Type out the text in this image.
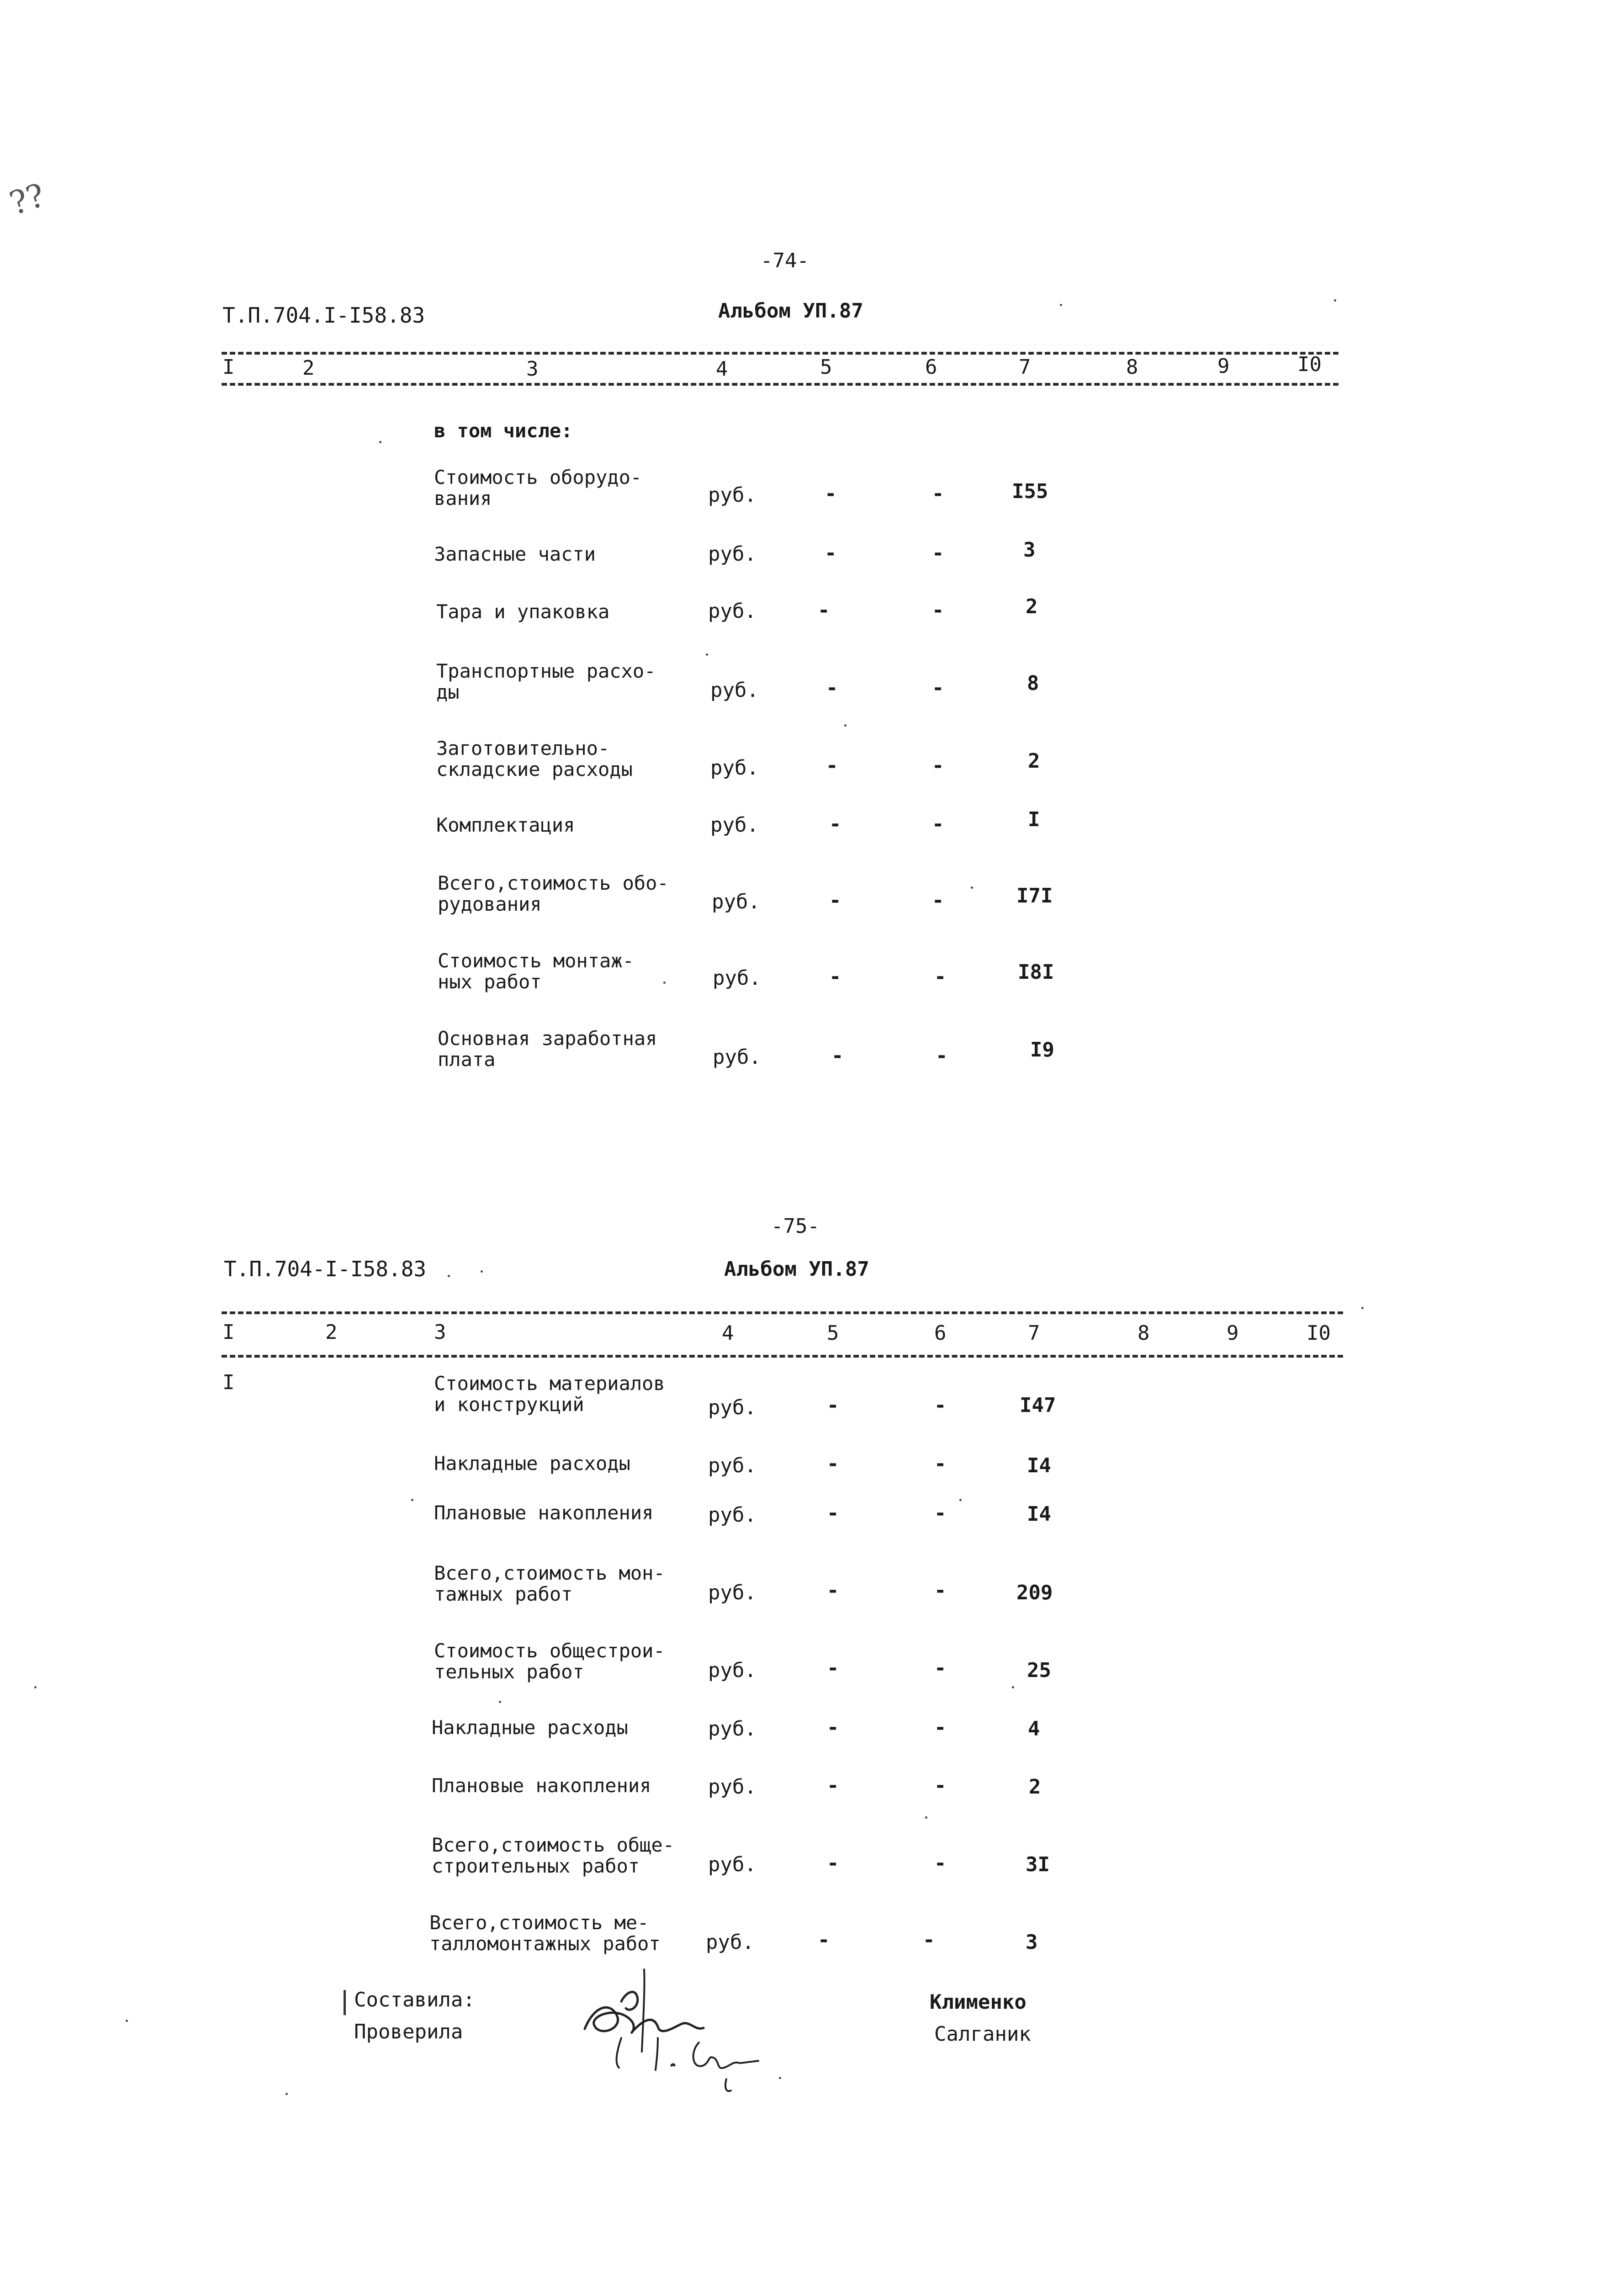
??
-74-
Т.П.704.I-I58.83	Альбом УП.87
I	2	3	4	5	6	7	8	9	I0
в том числе:
Стоимость оборудо-
вания	руб.	-	-	I55
Запасные части	руб.	-	-	3
Тара и упаковка	руб.	-	-	2
Транспортные расхо-
ды	руб.	-	-	8
Заготовительно-
складские расходы	руб.	-	-	2
Комплектация	руб.	-	-	I
Всего,стоимость обо-
рудования	руб.	-	-	I7I
Стоимость монтаж-
ных работ	руб.	-	-	I8I
Основная заработная
плата	руб.	-	-	I9
-75-
Т.П.704-I-I58.83	Альбом УП.87
I	2	3	4	5	6	7	8	9	I0
I	Стоимость материалов
и конструкций	руб.	-	-	I47
Накладные расходы	руб.	-	-	I4
Плановые накопления	руб.	-	-	I4
Всего,стоимость мон-
тажных работ	руб.	-	-	209
Стоимость общестрои-
тельных работ	руб.	-	-	25
Накладные расходы	руб.	-	-	4
Плановые накопления	руб.	-	-	2
Всего,стоимость обще-
строительных работ	руб.	-	-	3I
Всего,стоимость ме-
талломонтажных работ руб.	-	-	3
Составила:
Проверила
Клименко
Салганик
